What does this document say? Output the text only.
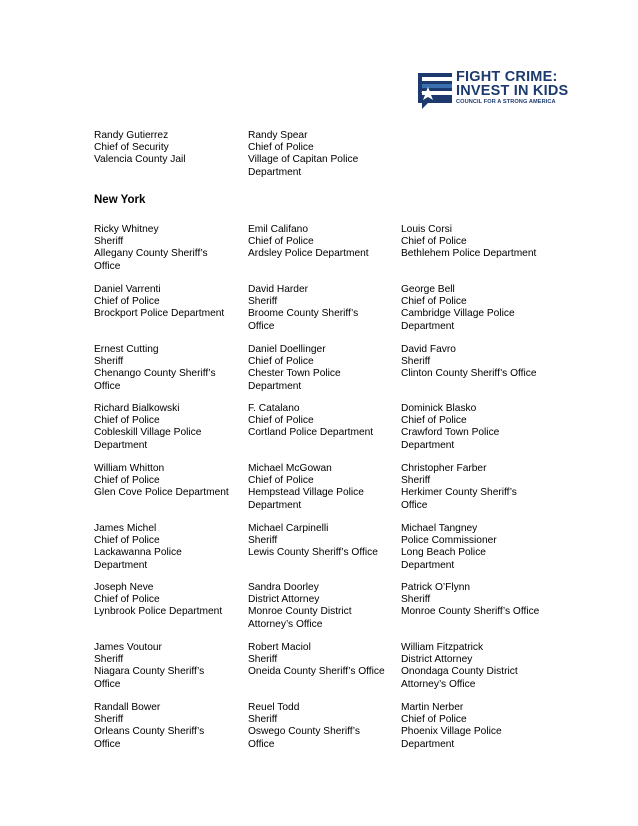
FIGHT CRIME:
INVEST IN KIDS
COUNCIL FOR A STRONG AMERICA
Randy Gutierrez
Chief of Security
Valencia County Jail
Randy Spear
Chief of Police
Village of Capitan Police
Department
New York
Ricky Whitney
Sheriff
Allegany County Sheriff’s
Office
Emil Califano
Chief of Police
Ardsley Police Department
Louis Corsi
Chief of Police
Bethlehem Police Department
Daniel Varrenti
Chief of Police
Brockport Police Department
David Harder
Sheriff
Broome County Sheriff’s
Office
George Bell
Chief of Police
Cambridge Village Police
Department
Ernest Cutting
Sheriff
Chenango County Sheriff’s
Office
Daniel Doellinger
Chief of Police
Chester Town Police
Department
David Favro
Sheriff
Clinton County Sheriff’s Office
Richard Bialkowski
Chief of Police
Cobleskill Village Police
Department
F. Catalano
Chief of Police
Cortland Police Department
Dominick Blasko
Chief of Police
Crawford Town Police
Department
William Whitton
Chief of Police
Glen Cove Police Department
Michael McGowan
Chief of Police
Hempstead Village Police
Department
Christopher Farber
Sheriff
Herkimer County Sheriff’s
Office
James Michel
Chief of Police
Lackawanna Police
Department
Michael Carpinelli
Sheriff
Lewis County Sheriff’s Office
Michael Tangney
Police Commissioner
Long Beach Police
Department
Joseph Neve
Chief of Police
Lynbrook Police Department
Sandra Doorley
District Attorney
Monroe County District
Attorney’s Office
Patrick O’Flynn
Sheriff
Monroe County Sheriff’s Office
James Voutour
Sheriff
Niagara County Sheriff’s
Office
Robert Maciol
Sheriff
Oneida County Sheriff’s Office
William Fitzpatrick
District Attorney
Onondaga County District
Attorney’s Office
Randall Bower
Sheriff
Orleans County Sheriff’s
Office
Reuel Todd
Sheriff
Oswego County Sheriff’s
Office
Martin Nerber
Chief of Police
Phoenix Village Police
Department
